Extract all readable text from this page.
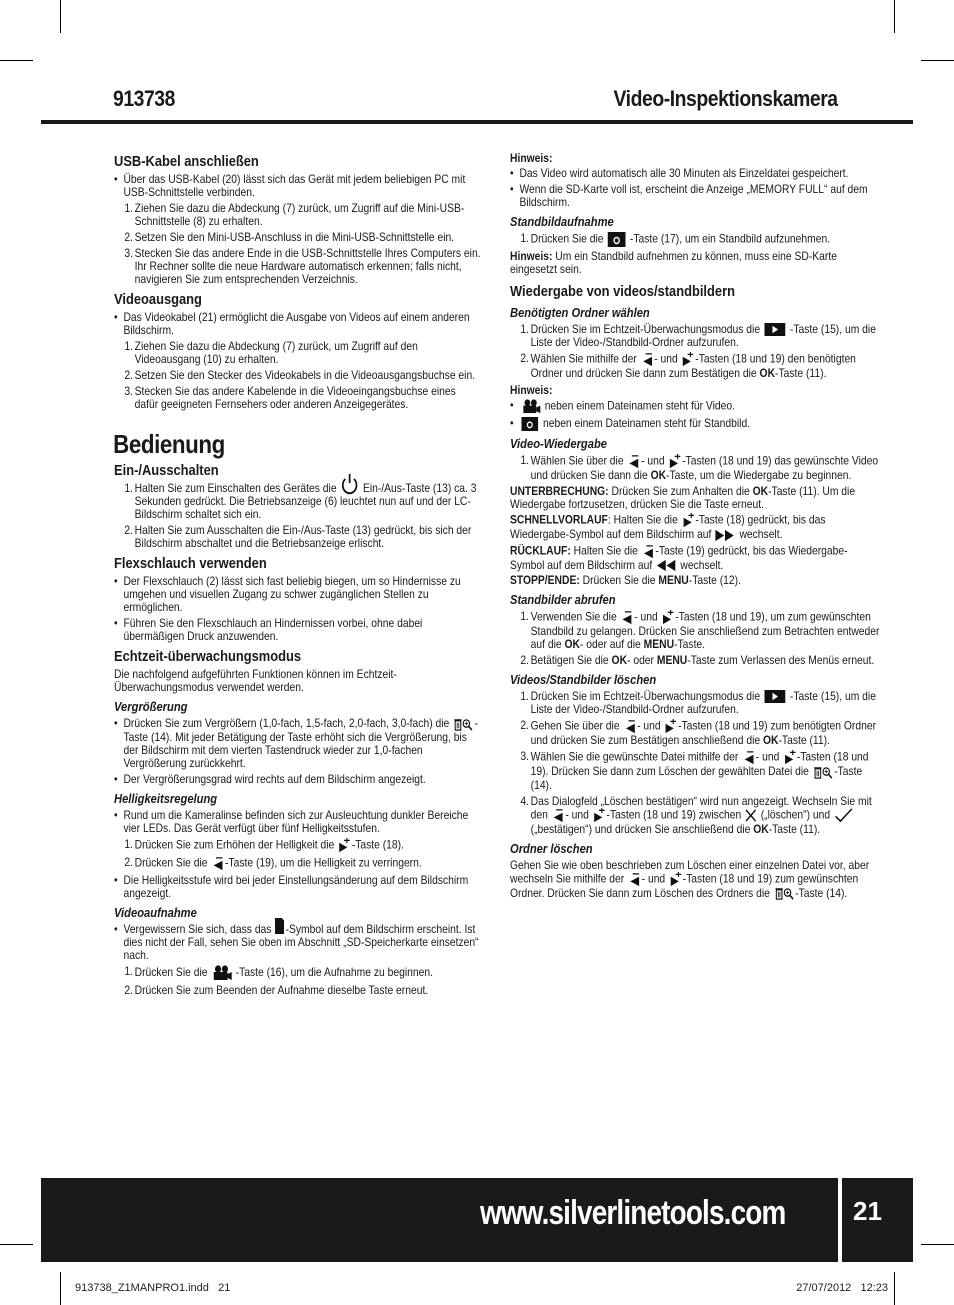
913738	Video-Inspektionskamera
USB-Kabel anschließen
• Über das USB-Kabel (20) lässt sich das Gerät mit jedem beliebigen PC mit USB-Schnittstelle verbinden.
1. Ziehen Sie dazu die Abdeckung (7) zurück, um Zugriff auf die Mini-USB-Schnittstelle (8) zu erhalten.
2. Setzen Sie den Mini-USB-Anschluss in die Mini-USB-Schnittstelle ein.
3. Stecken Sie das andere Ende in die USB-Schnittstelle Ihres Computers ein. Ihr Rechner sollte die neue Hardware automatisch erkennen; falls nicht, navigieren Sie zum entsprechenden Verzeichnis.
Videoausgang
• Das Videokabel (21) ermöglicht die Ausgabe von Videos auf einem anderen Bildschirm.
1. Ziehen Sie dazu die Abdeckung (7) zurück, um Zugriff auf den Videoausgang (10) zu erhalten.
2. Setzen Sie den Stecker des Videokabels in die Videoausgangsbuchse ein.
3. Stecken Sie das andere Kabelende in die Videoeingangsbuchse eines dafür geeigneten Fernsehers oder anderen Anzeigegerätes.
Bedienung
Ein-/Ausschalten
1. Halten Sie zum Einschalten des Gerätes die Ein-/Aus-Taste (13) ca. 3 Sekunden gedrückt. Die Betriebsanzeige (6) leuchtet nun auf und der LC-Bildschirm schaltet sich ein.
2. Halten Sie zum Ausschalten die Ein-/Aus-Taste (13) gedrückt, bis sich der Bildschirm abschaltet und die Betriebsanzeige erlischt.
Flexschlauch verwenden
• Der Flexschlauch (2) lässt sich fast beliebig biegen, um so Hindernisse zu umgehen und visuellen Zugang zu schwer zugänglichen Stellen zu ermöglichen.
• Führen Sie den Flexschlauch an Hindernissen vorbei, ohne dabei übermäßigen Druck anzuwenden.
Echtzeit-überwachungsmodus

Die nachfolgend aufgeführten Funktionen können im Echtzeit-Überwachungsmodus verwendet werden.

Vergrößerung
• Drücken Sie zum Vergrößern (1,0-fach, 1,5-fach, 2,0-fach, 3,0-fach) die -Taste (14). Mit jeder Betätigung der Taste erhöht sich die Vergrößerung, bis der Bildschirm mit dem vierten Tastendruck wieder zur 1,0-fachen Vergrößerung zurückkehrt.
• Der Vergrößerungsgrad wird rechts auf dem Bildschirm angezeigt.
Helligkeitsregelung
• Rund um die Kameralinse befinden sich zur Ausleuchtung dunkler Bereiche vier LEDs. Das Gerät verfügt über fünf Helligkeitsstufen.
1. Drücken Sie zum Erhöhen der Helligkeit die -Taste (18).
2. Drücken Sie die -Taste (19), um die Helligkeit zu verringern.
• Die Helligkeitsstufe wird bei jeder Einstellungsänderung auf dem Bildschirm angezeigt.
Videoaufnahme
• Vergewissern Sie sich, dass das -Symbol auf dem Bildschirm erscheint. Ist dies nicht der Fall, sehen Sie oben im Abschnitt „SD-Speicherkarte einsetzen“ nach.
1. Drücken Sie die -Taste (16), um die Aufnahme zu beginnen.
2. Drücken Sie zum Beenden der Aufnahme dieselbe Taste erneut.
Hinweis:
• Das Video wird automatisch alle 30 Minuten als Einzeldatei gespeichert.
• Wenn die SD-Karte voll ist, erscheint die Anzeige „MEMORY FULL“ auf dem Bildschirm.
Standbildaufnahme
1. Drücken Sie die -Taste (17), um ein Standbild aufzunehmen.

Hinweis: Um ein Standbild aufnehmen zu können, muss eine SD-Karte eingesetzt sein.

Wiedergabe von videos/standbildern
Benötigten Ordner wählen
1. Drücken Sie im Echtzeit-Überwachungsmodus die -Taste (15), um die Liste der Video-/Standbild-Ordner aufzurufen.
2. Wählen Sie mithilfe der - und -Tasten (18 und 19) den benötigten Ordner und drücken Sie dann zum Bestätigen die OK-Taste (11).
Hinweis:
•	neben einem Dateinamen steht für Video.
•	neben einem Dateinamen steht für Standbild.
Video-Wiedergabe
1. Wählen Sie über die - und -Tasten (18 und 19) das gewünschte Video und drücken Sie dann die OK-Taste, um die Wiedergabe zu beginnen.

UNTERBRECHUNG: Drücken Sie zum Anhalten die OK-Taste (11). Um die Wiedergabe fortzusetzen, drücken Sie die Taste erneut.

SCHNELLVORLAUF: Halten Sie die -Taste (18) gedrückt, bis das Wiedergabe-Symbol auf dem Bildschirm auf wechselt.

RÜCKLAUF: Halten Sie die -Taste (19) gedrückt, bis das Wiedergabe-Symbol auf dem Bildschirm auf wechselt.

STOPP/ENDE: Drücken Sie die MENU-Taste (12).

Standbilder abrufen
1. Verwenden Sie die - und -Tasten (18 und 19), um zum gewünschten Standbild zu gelangen. Drücken Sie anschließend zum Betrachten entweder auf die OK- oder auf die MENU-Taste.
2. Betätigen Sie die OK- oder MENU-Taste zum Verlassen des Menüs erneut.
Videos/Standbilder löschen
1. Drücken Sie im Echtzeit-Überwachungsmodus die -Taste (15), um die Liste der Video-/Standbild-Ordner aufzurufen.
2. Gehen Sie über die - und -Tasten (18 und 19) zum benötigten Ordner und drücken Sie zum Bestätigen anschließend die OK-Taste (11).
3. Wählen Sie die gewünschte Datei mithilfe der - und -Tasten (18 und 19). Drücken Sie dann zum Löschen der gewählten Datei die -Taste (14).
4. Das Dialogfeld „Löschen bestätigen“ wird nun angezeigt. Wechseln Sie mit den - und -Tasten (18 und 19) zwischen („löschen“) und  („bestätigen“) und drücken Sie anschließend die OK-Taste (11).
Ordner löschen

Gehen Sie wie oben beschrieben zum Löschen einer einzelnen Datei vor, aber wechseln Sie mithilfe der - und -Tasten (18 und 19) zum gewünschten Ordner. Drücken Sie dann zum Löschen des Ordners die -Taste (14).

www.silverlinetools.com	21
913738_Z1MANPRO1.indd   21	27/07/2012   12:23
